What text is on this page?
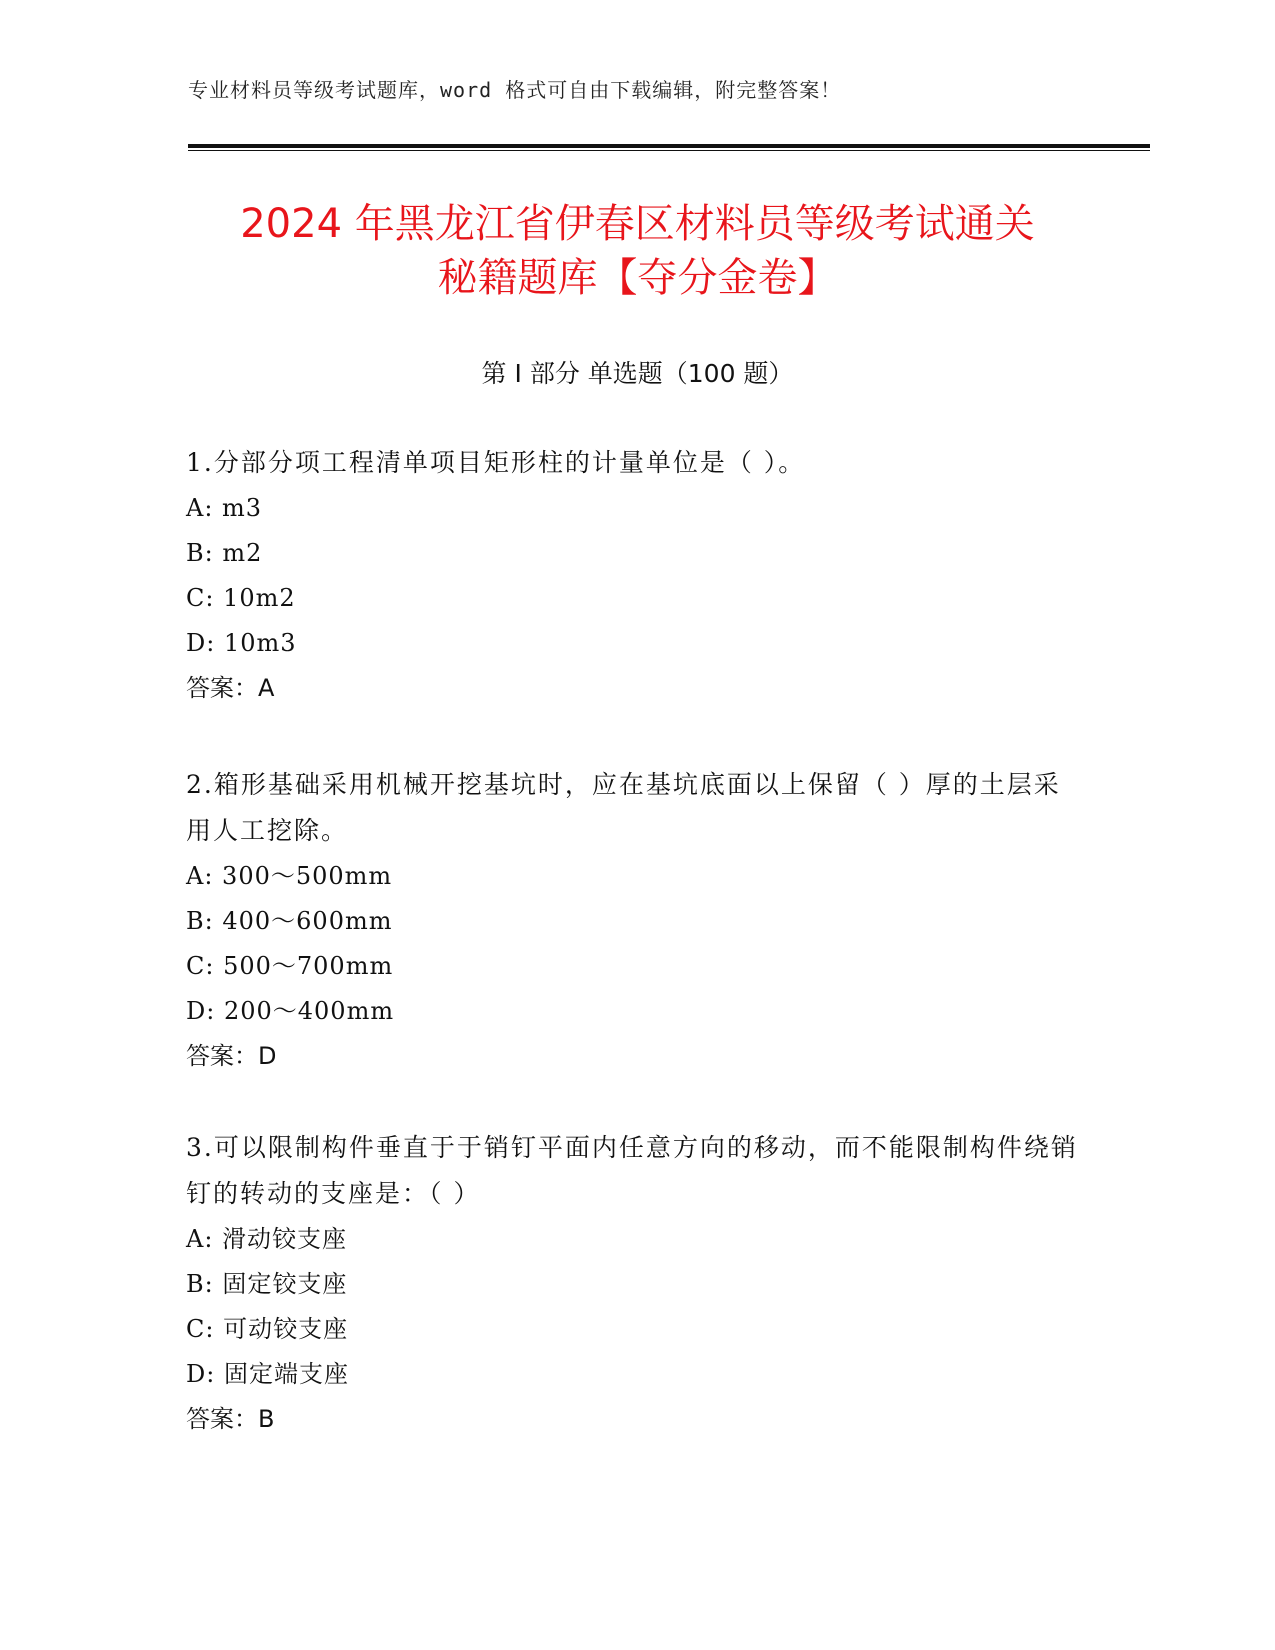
专业材料员等级考试题库，word 格式可自由下载编辑，附完整答案！
2024 年黑龙江省伊春区材料员等级考试通关
秘籍题库【夺分金卷】
第 I 部分 单选题（100 题）

1.分部分项工程清单项目矩形柱的计量单位是（ ）。

A: m3

B: m2

C: 10m2

D: 10m3

答案：A

2.箱形基础采用机械开挖基坑时，应在基坑底面以上保留（ ）厚的土层采用人工挖除。

A: 300～500mm

B: 400～600mm

C: 500～700mm

D: 200～400mm

答案：D

3.可以限制构件垂直于于销钉平面内任意方向的移动，而不能限制构件绕销钉的转动的支座是：（ ）

A: 滑动铰支座

B: 固定铰支座

C: 可动铰支座

D: 固定端支座

答案：B
